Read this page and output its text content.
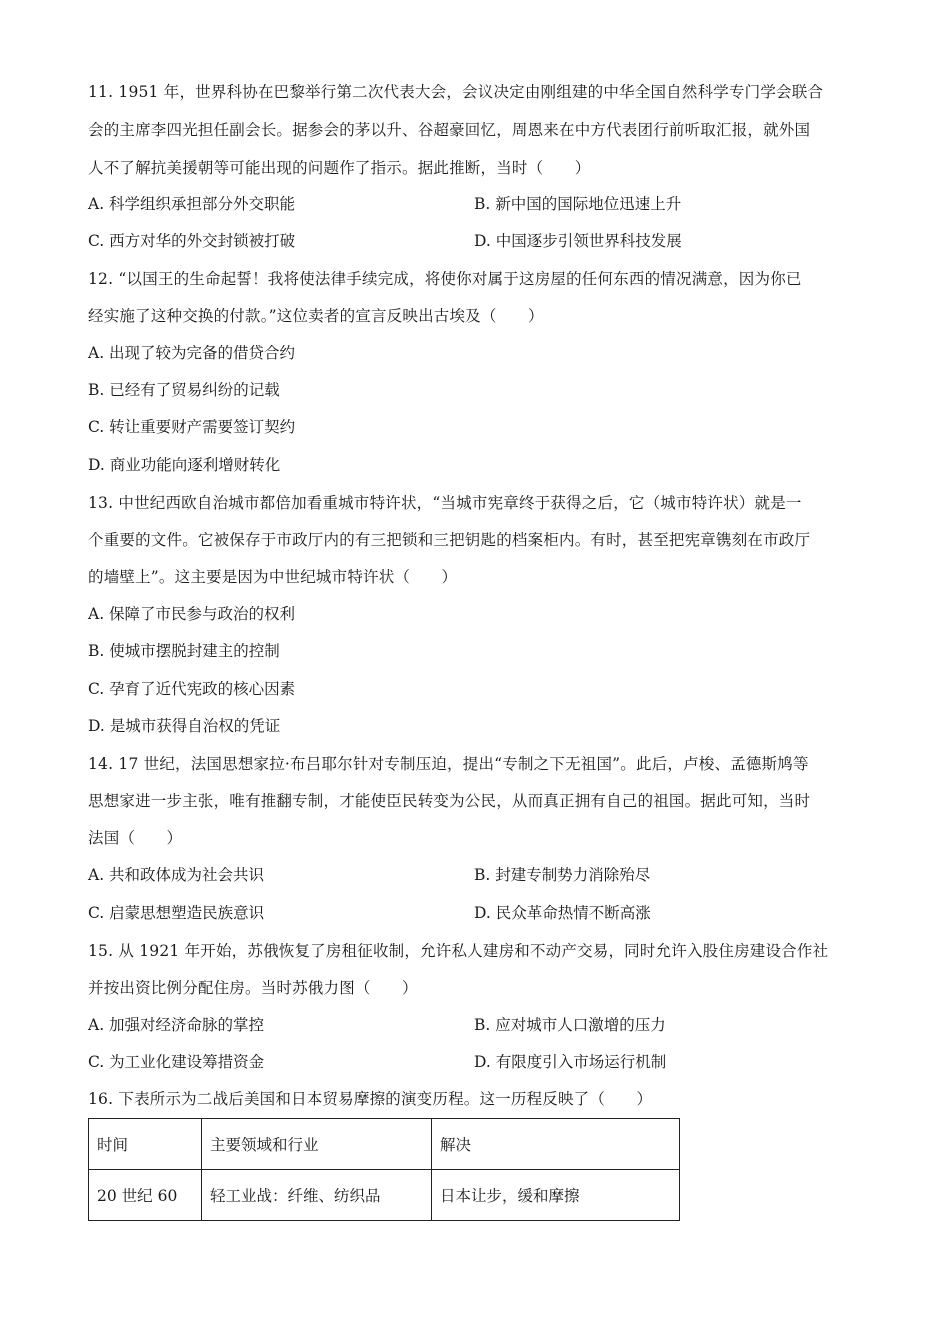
11. 1951 年，世界科协在巴黎举行第二次代表大会，会议决定由刚组建的中华全国自然科学专门学会联合
会的主席李四光担任副会长。据参会的茅以升、谷超豪回忆，周恩来在中方代表团行前听取汇报，就外国
人不了解抗美援朝等可能出现的问题作了指示。据此推断，当时（　　）
A. 科学组织承担部分外交职能	B. 新中国的国际地位迅速上升
C. 西方对华的外交封锁被打破	D. 中国逐步引领世界科技发展
12. “以国王的生命起誓！我将使法律手续完成，将使你对属于这房屋的任何东西的情况满意，因为你已
经实施了这种交换的付款。”这位卖者的宣言反映出古埃及（　　）
A. 出现了较为完备的借贷合约
B. 已经有了贸易纠纷的记载
C. 转让重要财产需要签订契约
D. 商业功能向逐利增财转化
13. 中世纪西欧自治城市都倍加看重城市特许状，“当城市宪章终于获得之后，它（城市特许状）就是一
个重要的文件。它被保存于市政厅内的有三把锁和三把钥匙的档案柜内。有时，甚至把宪章镌刻在市政厅
的墙壁上”。这主要是因为中世纪城市特许状（　　）
A. 保障了市民参与政治的权利
B. 使城市摆脱封建主的控制
C. 孕育了近代宪政的核心因素
D. 是城市获得自治权的凭证
14. 17 世纪，法国思想家拉·布吕耶尔针对专制压迫，提出“专制之下无祖国”。此后，卢梭、孟德斯鸠等
思想家进一步主张，唯有推翻专制，才能使臣民转变为公民，从而真正拥有自己的祖国。据此可知，当时
法国（　　）
A. 共和政体成为社会共识	B. 封建专制势力消除殆尽
C. 启蒙思想塑造民族意识	D. 民众革命热情不断高涨
15. 从 1921 年开始，苏俄恢复了房租征收制，允许私人建房和不动产交易，同时允许入股住房建设合作社
并按出资比例分配住房。当时苏俄力图（　　）
A. 加强对经济命脉的掌控	B. 应对城市人口激增的压力
C. 为工业化建设筹措资金	D. 有限度引入市场运行机制
16. 下表所示为二战后美国和日本贸易摩擦的演变历程。这一历程反映了（　　）
时间	主要领域和行业	解决
20 世纪 60	轻工业战：纤维、纺织品	日本让步，缓和摩擦
